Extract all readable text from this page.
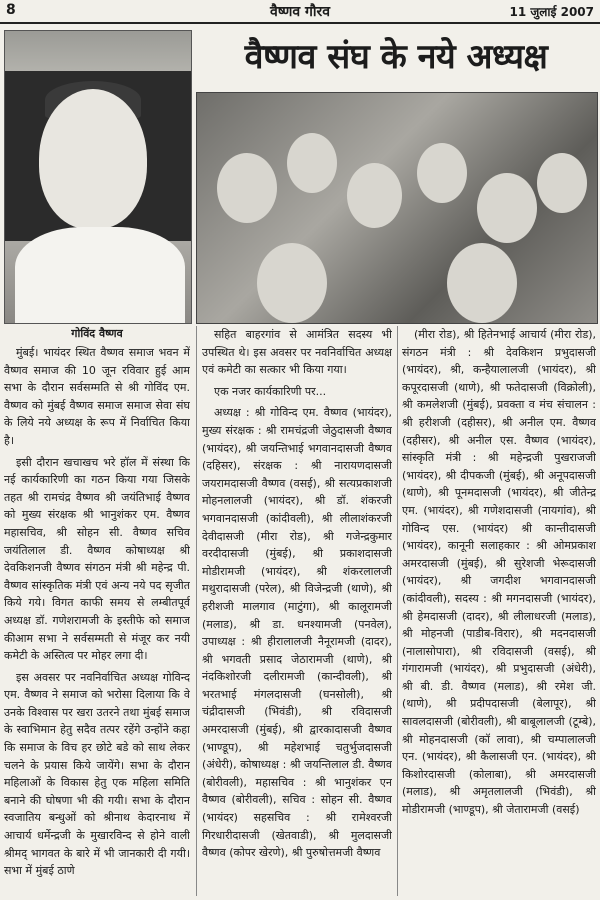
8	वैष्णव गौरव	11 जुलाई 2007
वैष्णव संघ के नये अध्यक्ष
गोविंद वैष्णव

मुंबई। भायंदर स्थित वैष्णव समाज भवन में वैष्णव समाज की 10 जून रविवार हुई आम सभा के दौरान सर्वसम्मति से श्री गोविंद एम. वैष्णव को मुंबई वैष्णव समाज समाज सेवा संघ के लिये नये अध्यक्ष के रूप में निर्वाचित किया है।

इसी दौरान खचाखच भरे हॉल में संस्था कि नई कार्यकारिणी का गठन किया गया जिसके तहत श्री रामचंद्र वैष्णव श्री जयंतिभाई वैष्णव को मुख्य संरक्षक श्री भानुशंकर एम. वैष्णव महासचिव, श्री सोहन सी. वैष्णव सचिव जयंतिलाल डी. वैष्णव कोषाध्यक्ष श्री देवकिशनजी वैष्णव संगठन मंत्री श्री महेन्द्र पी. वैष्णव सांस्कृतिक मंत्री एवं अन्य नये पद सृजीत किये गये। विगत काफी समय से लम्बीतपूर्व अध्यक्ष डॉ. गणेशरामजी के इस्तीफे को समाज कीआम सभा ने सर्वसम्मती से मंजूर कर नयी कमेटी के अस्तित्व पर मोहर लगा दी।

इस अवसर पर नवनिर्वाचित अध्यक्ष गोविन्द एम. वैष्णव ने समाज को भरोसा दिलाया कि वे उनके विश्वास पर खरा उतरने तथा मुंबई समाज के स्वाभिमान हेतु सदैव तत्पर रहेंगे उन्होंने कहा कि समाज के विच हर छोटे बडे को साथ लेकर चलने के प्रयास किये जायेंगे। सभा के दौरान महिलाओं के विकास हेतु एक महिला समिति बनाने की घोषणा भी की गयी। सभा के दौरान स्वजातिय बन्धुओं को श्रीनाथ केदारनाथ में आचार्य धर्मेन्द्रजी के मुखारविन्द से होने वाली श्रीमद् भागवत के बारे में भी जानकारी दी गयी। सभा में मुंबई ठाणे

सहित बाहरगांव से आमंत्रित सदस्य भी उपस्थित थे। इस अवसर पर नवनिर्वाचित अध्यक्ष एवं कमेटी का सत्कार भी किया गया।

एक नजर कार्यकारिणी पर...

अध्यक्ष : श्री गोविन्द एम. वैष्णव (भायंदर), मुख्य संरक्षक : श्री रामचंद्रजी जेठुदासजी वैष्णव (भायंदर), श्री जयन्तिभाई भगवानदासजी वैष्णव (दहिसर), संरक्षक : श्री नारायणदासजी जयरामदासजी वैष्णव (वसई), श्री सत्यप्रकाशजी मोहनलालजी (भायंदर), श्री डॉ. शंकरजी भगवानदासजी (कांदीवली), श्री लीलाशंकरजी देवीदासजी (मीरा रोड), श्री गजेन्द्रकुमार वरदीदासजी (मुंबई), श्री प्रकाशदासजी मोडीरामजी (भायंदर), श्री शंकरलालजी मथुरादासजी (परेल), श्री विजेन्द्रजी (थाणे), श्री हरीशजी मालगाव (माटुंगा), श्री कालूरामजी (मलाड), श्री डा. धनश्यामजी (पनवेल), उपाध्यक्ष : श्री हीरालालजी नैनूरामजी (दादर), श्री भगवती प्रसाद जेठारामजी (थाणे), श्री नंदकिशोरजी दलीरामजी (कान्दीवली), श्री भरतभाई मंगलदासजी (घनसोली), श्री चंद्रीदासजी (भिवंडी), श्री रविदासजी अमरदासजी (मुंबई), श्री द्वारकादासजी वैष्णव (भाण्डूप), श्री महेशभाई चतुर्भुजदासजी (अंधेरी), कोषाध्यक्ष : श्री जयन्तिलाल डी. वैष्णव (बोरीवली), महासचिव : श्री भानुशंकर एन वैष्णव (बोरीवली), सचिव : सोहन सी. वैष्णव (भायंदर) सहसचिव : श्री रामेश्वरजी गिरधारीदासजी (खेतवाडी), श्री मुलदासजी वैष्णव (कोपर खेरणे), श्री पुरुषोत्तमजी वैष्णव

(मीरा रोड), श्री हितेनभाई आचार्य (मीरा रोड), संगठन मंत्री : श्री देवकिशन प्रभुदासजी (भायंदर), श्री, कन्हैयालालजी (भायंदर), श्री कपूरदासजी (थाणे), श्री फतेदासजी (विक्रोली), श्री कमलेशजी (मुंबई), प्रवक्ता व मंच संचालन : श्री हरीशजी (दहीसर), श्री अनील एम. वैष्णव (दहीसर), श्री अनील एस. वैष्णव (भायंदर), सांस्कृति मंत्री : श्री महेन्द्रजी पुखराजजी (भायंदर), श्री दीपकजी (मुंबई), श्री अनूपदासजी (थाणे), श्री पूनमदासजी (भायंदर), श्री जीतेन्द्र एम. (भायंदर), श्री गणेशदासजी (नायगांव), श्री गोविन्द एस. (भायंदर) श्री कान्तीदासजी (भायंदर), कानूनी सलाहकार : श्री ओमप्रकाश अमरदासजी (मुंबई), श्री सुरेशजी भेरूदासजी (भायंदर), श्री जगदीश भगवानदासजी (कांदीवली), सदस्य : श्री मगनदासजी (भायंदर), श्री हेमदासजी (दादर), श्री लीलाधरजी (मलाड), श्री मोहनजी (पाडीब-विरार), श्री मदनदासजी (नालासोपारा), श्री रविदासजी (वसई), श्री गंगारामजी (भायंदर), श्री प्रभुदासजी (अंधेरी), श्री बी. डी. वैष्णव (मलाड), श्री रमेश जी. (थाणे), श्री प्रदीपदासजी (बेलापूर), श्री सावलदासजी (बोरीवली), श्री बाबूलालजी (टूम्बे), श्री मोहनदासजी (कॉ लावा), श्री चम्पालालजी एन. (भायंदर), श्री कैलासजी एन. (भायंदर), श्री किशोरदासजी (कोलाबा), श्री अमरदासजी (मलाड), श्री अमृतलालजी (भिवंडी), श्री मोडीरामजी (भाण्डूप), श्री जेतारामजी (वसई)
